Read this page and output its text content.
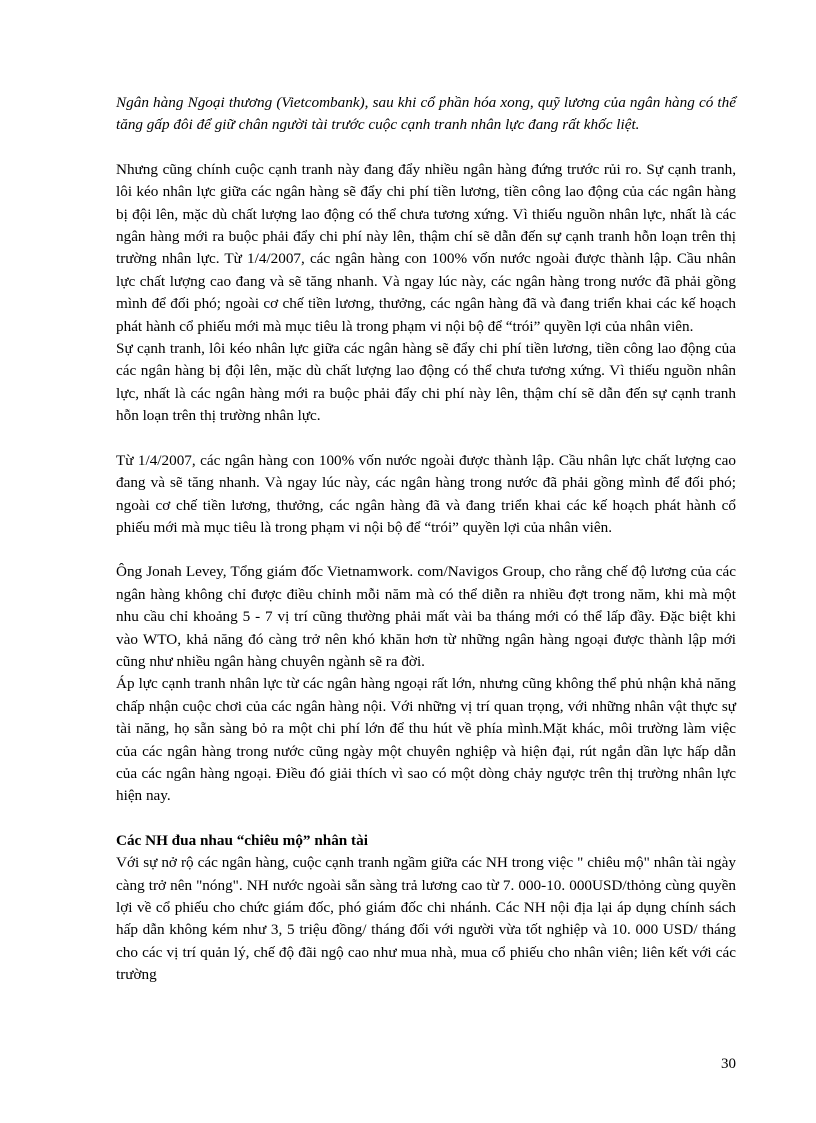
Ngân hàng Ngoại thương (Vietcombank), sau khi cổ phần hóa xong, quỹ lương của ngân hàng có thể tăng gấp đôi để giữ chân người tài trước cuộc cạnh tranh nhân lực đang rất khốc liệt.

Nhưng cũng chính cuộc cạnh tranh này đang đẩy nhiều ngân hàng đứng trước rủi ro. Sự cạnh tranh, lôi kéo nhân lực giữa các ngân hàng sẽ đẩy chi phí tiền lương, tiền công lao động của các ngân hàng bị đội lên, mặc dù chất lượng lao động có thể chưa tương xứng. Vì thiếu nguồn nhân lực, nhất là các ngân hàng mới ra buộc phải đẩy chi phí này lên, thậm chí sẽ dẫn đến sự cạnh tranh hỗn loạn trên thị trường nhân lực. Từ 1/4/2007, các ngân hàng con 100% vốn nước ngoài được thành lập. Cầu nhân lực chất lượng cao đang và sẽ tăng nhanh. Và ngay lúc này, các ngân hàng trong nước đã phải gồng mình để đối phó; ngoài cơ chế tiền lương, thưởng, các ngân hàng đã và đang triển khai các kế hoạch phát hành cổ phiếu mới mà mục tiêu là trong phạm vi nội bộ để “trói” quyền lợi của nhân viên.

Sự cạnh tranh, lôi kéo nhân lực giữa các ngân hàng sẽ đẩy chi phí tiền lương, tiền công lao động của các ngân hàng bị đội lên, mặc dù chất lượng lao động có thể chưa tương xứng. Vì thiếu nguồn nhân lực, nhất là các ngân hàng mới ra buộc phải đẩy chi phí này lên, thậm chí sẽ dẫn đến sự cạnh tranh hỗn loạn trên thị trường nhân lực.

Từ 1/4/2007, các ngân hàng con 100% vốn nước ngoài được thành lập. Cầu nhân lực chất lượng cao đang và sẽ tăng nhanh. Và ngay lúc này, các ngân hàng trong nước đã phải gồng mình để đối phó; ngoài cơ chế tiền lương, thưởng, các ngân hàng đã và đang triển khai các kế hoạch phát hành cổ phiếu mới mà mục tiêu là trong phạm vi nội bộ để “trói” quyền lợi của nhân viên.

Ông Jonah Levey, Tổng giám đốc Vietnamwork. com/Navigos Group, cho rằng chế độ lương của các ngân hàng không chỉ được điều chỉnh mỗi năm mà có thể diễn ra nhiều đợt trong năm, khi mà một nhu cầu chỉ khoảng 5 - 7 vị trí cũng thường phải mất vài ba tháng mới có thể lấp đầy. Đặc biệt khi vào WTO, khả năng đó càng trở nên khó khăn hơn từ những ngân hàng ngoại được thành lập mới cũng như nhiều ngân hàng chuyên ngành sẽ ra đời.

Áp lực cạnh tranh nhân lực từ các ngân hàng ngoại rất lớn, nhưng cũng không thể phủ nhận khả năng chấp nhận cuộc chơi của các ngân hàng nội. Với những vị trí quan trọng, với những nhân vật thực sự tài năng, họ sẵn sàng bỏ ra một chi phí lớn để thu hút về phía mình.Mặt khác, môi trường làm việc của các ngân hàng trong nước cũng ngày một chuyên nghiệp và hiện đại, rút ngắn dần lực hấp dẫn của các ngân hàng ngoại. Điều đó giải thích vì sao có một dòng chảy ngược trên thị trường nhân lực hiện nay.

Các NH đua nhau “chiêu mộ” nhân tài

Với sự nở rộ các ngân hàng, cuộc cạnh tranh ngầm giữa các NH trong việc " chiêu mộ" nhân tài ngày càng trở nên "nóng". NH nước ngoài sẵn sàng trả lương cao từ 7. 000-10. 000USD/thỏng cùng quyền lợi về cổ phiếu cho chức giám đốc, phó giám đốc chi nhánh. Các NH nội địa lại áp dụng chính sách hấp dẫn không kém như 3, 5 triệu đồng/ tháng đối với người vừa tốt nghiệp và 10. 000 USD/ tháng cho các vị trí quản lý, chế độ đãi ngộ cao như mua nhà, mua cổ phiếu cho nhân viên; liên kết với các trường

30
